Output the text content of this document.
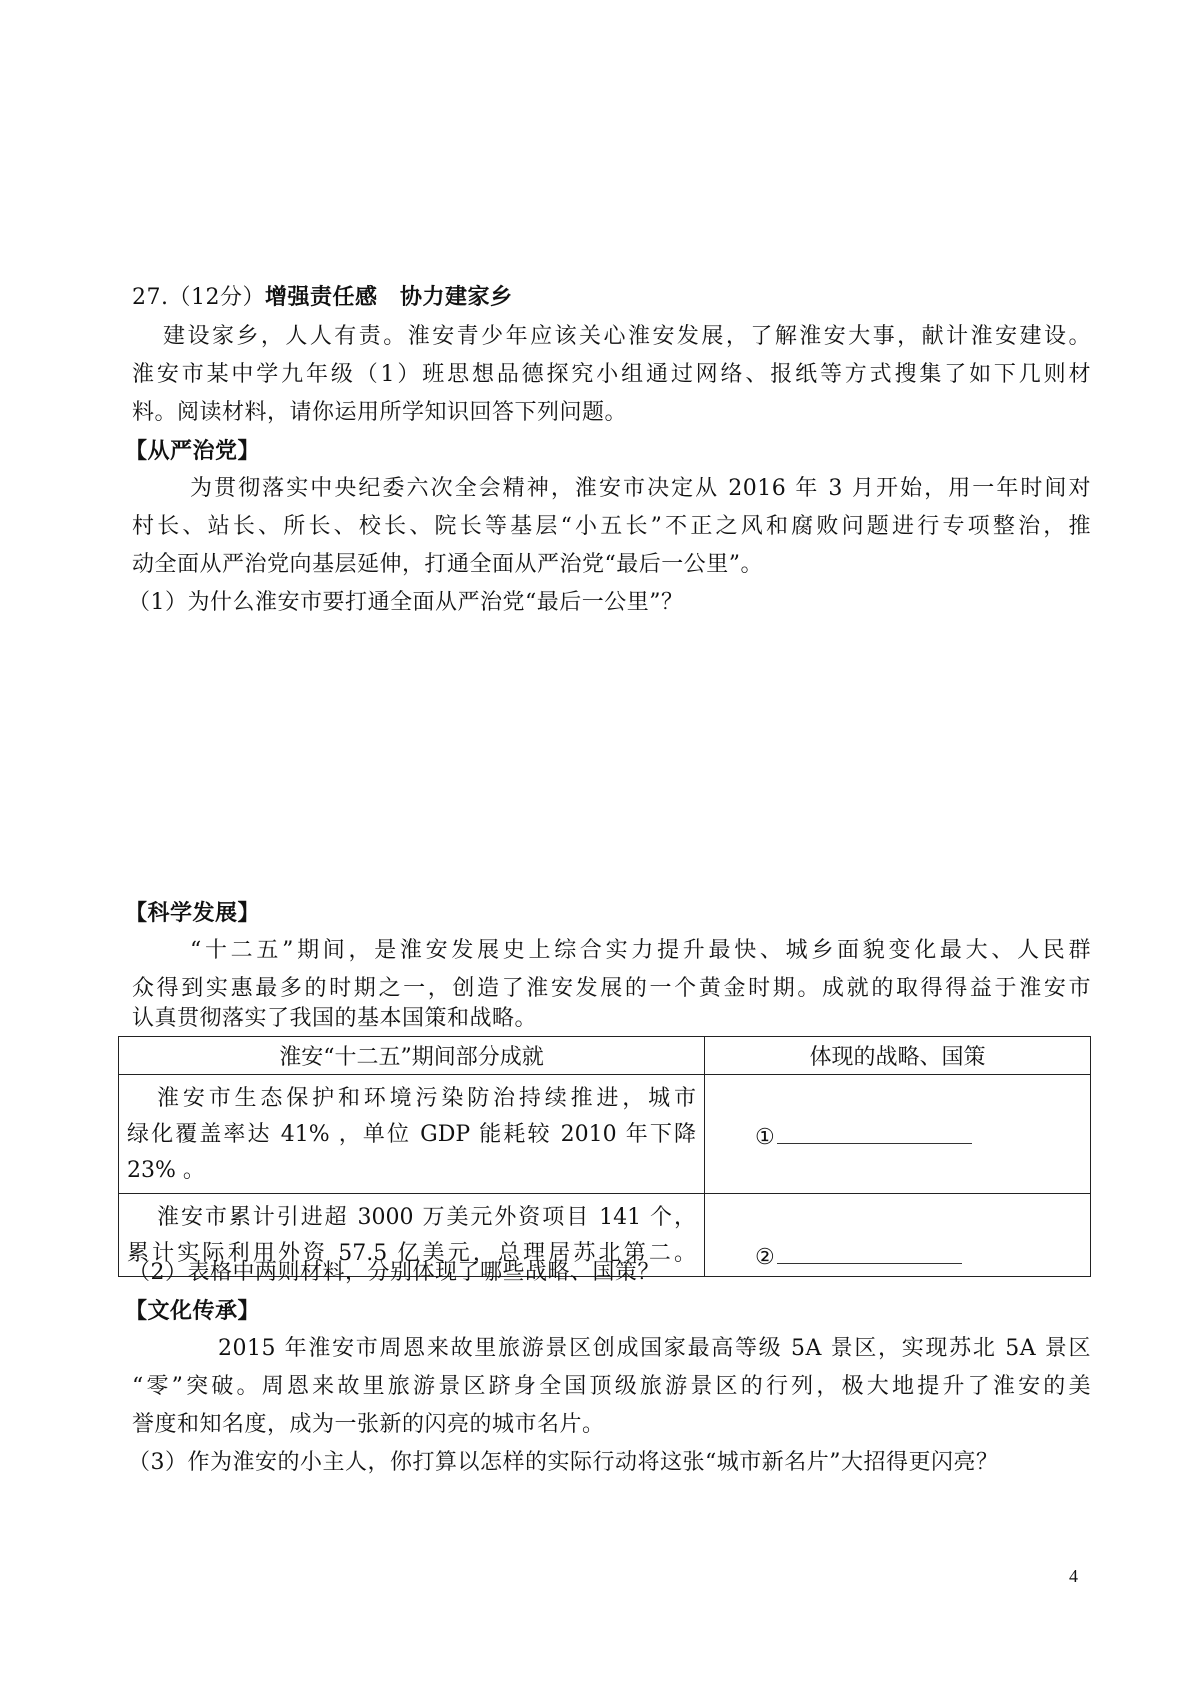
27.（12分）增强责任感　协力建家乡
建设家乡，人人有责。淮安青少年应该关心淮安发展，了解淮安大事，献计淮安建设。
淮安市某中学九年级（1）班思想品德探究小组通过网络、报纸等方式搜集了如下几则材
料。阅读材料，请你运用所学知识回答下列问题。
【从严治党】
为贯彻落实中央纪委六次全会精神，淮安市决定从 2016 年 3 月开始，用一年时间对
村长、站长、所长、校长、院长等基层“小五长”不正之风和腐败问题进行专项整治，推
动全面从严治党向基层延伸，打通全面从严治党“最后一公里”。
（1）为什么淮安市要打通全面从严治党“最后一公里”？
【科学发展】
“十二五”期间，是淮安发展史上综合实力提升最快、城乡面貌变化最大、人民群
众得到实惠最多的时期之一，创造了淮安发展的一个黄金时期。成就的取得得益于淮安市
认真贯彻落实了我国的基本国策和战略。
淮安“十二五”期间部分成就	体现的战略、国策

淮安市生态保护和环境污染防治持续推进，城市
绿化覆盖率达 41% ，单位 GDP 能耗较 2010 年下降
23% 。	①

淮安市累计引进超 3000 万美元外资项目 141 个，
累计实际利用外资 57.5 亿美元，总理居苏北第二。	②
（2）表格中两则材料，分别体现了哪些战略、国策？
【文化传承】
2015 年淮安市周恩来故里旅游景区创成国家最高等级 5A 景区，实现苏北 5A 景区
“零”突破。周恩来故里旅游景区跻身全国顶级旅游景区的行列，极大地提升了淮安的美
誉度和知名度，成为一张新的闪亮的城市名片。
（3）作为淮安的小主人，你打算以怎样的实际行动将这张“城市新名片”大招得更闪亮？
4
